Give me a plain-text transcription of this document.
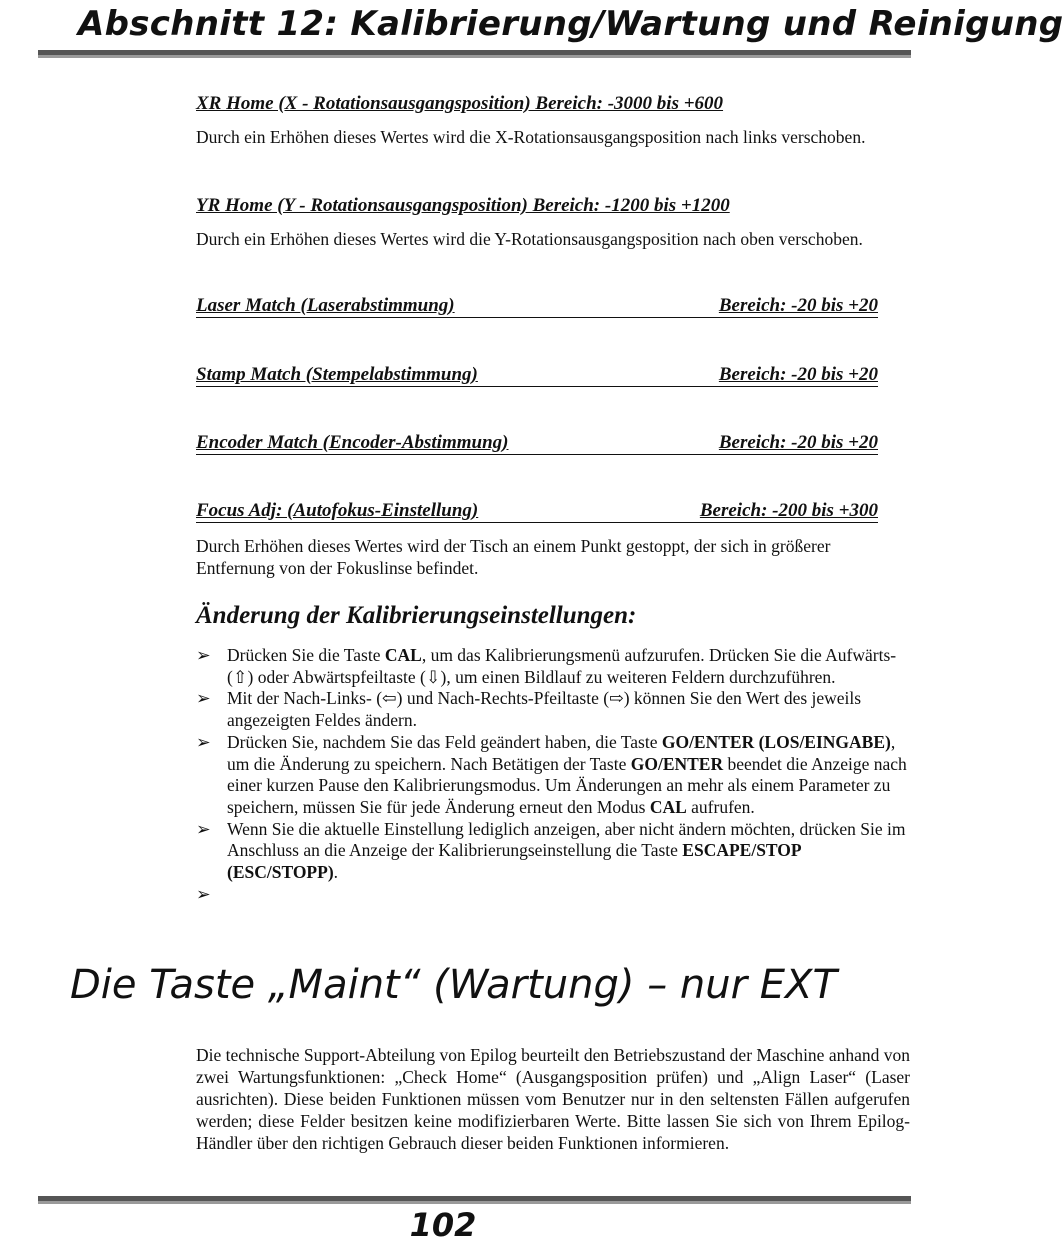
Abschnitt 12: Kalibrierung/Wartung und Reinigung
XR Home (X - Rotationsausgangsposition) Bereich: -3000 bis +600
Durch ein Erhöhen dieses Wertes wird die X-Rotationsausgangsposition nach links verschoben.
YR Home (Y - Rotationsausgangsposition) Bereich: -1200 bis +1200
Durch ein Erhöhen dieses Wertes wird die Y-Rotationsausgangsposition nach oben verschoben.
Laser Match (Laserabstimmung)	Bereich: -20 bis +20
Stamp Match (Stempelabstimmung)	Bereich: -20 bis +20
Encoder Match (Encoder-Abstimmung)	Bereich: -20 bis +20
Focus Adj: (Autofokus-Einstellung)	Bereich: -200 bis +300
Durch Erhöhen dieses Wertes wird der Tisch an einem Punkt gestoppt, der sich in größerer Entfernung von der Fokuslinse befindet.
Änderung der Kalibrierungseinstellungen:
➢ Drücken Sie die Taste CAL, um das Kalibrierungsmenü aufzurufen. Drücken Sie die Aufwärts- (⇧) oder Abwärtspfeiltaste (⇩), um einen Bildlauf zu weiteren Feldern durchzuführen.
➢ Mit der Nach-Links- (⇦) und Nach-Rechts-Pfeiltaste (⇨) können Sie den Wert des jeweils angezeigten Feldes ändern.
➢ Drücken Sie, nachdem Sie das Feld geändert haben, die Taste GO/ENTER (LOS/EINGABE), um die Änderung zu speichern. Nach Betätigen der Taste GO/ENTER beendet die Anzeige nach einer kurzen Pause den Kalibrierungsmodus. Um Änderungen an mehr als einem Parameter zu speichern, müssen Sie für jede Änderung erneut den Modus CAL aufrufen.
➢ Wenn Sie die aktuelle Einstellung lediglich anzeigen, aber nicht ändern möchten, drücken Sie im Anschluss an die Anzeige der Kalibrierungseinstellung die Taste ESCAPE/STOP (ESC/STOPP).
➢

Die Taste „Maint“ (Wartung) – nur EXT
Die technische Support-Abteilung von Epilog beurteilt den Betriebszustand der Maschine anhand von zwei Wartungsfunktionen: „Check Home“ (Ausgangsposition prüfen) und „Align Laser“ (Laser ausrichten). Diese beiden Funktionen müssen vom Benutzer nur in den seltensten Fällen aufgerufen werden; diese Felder besitzen keine modifizierbaren Werte. Bitte lassen Sie sich von Ihrem Epilog-Händler über den richtigen Gebrauch dieser beiden Funktionen informieren.
102
